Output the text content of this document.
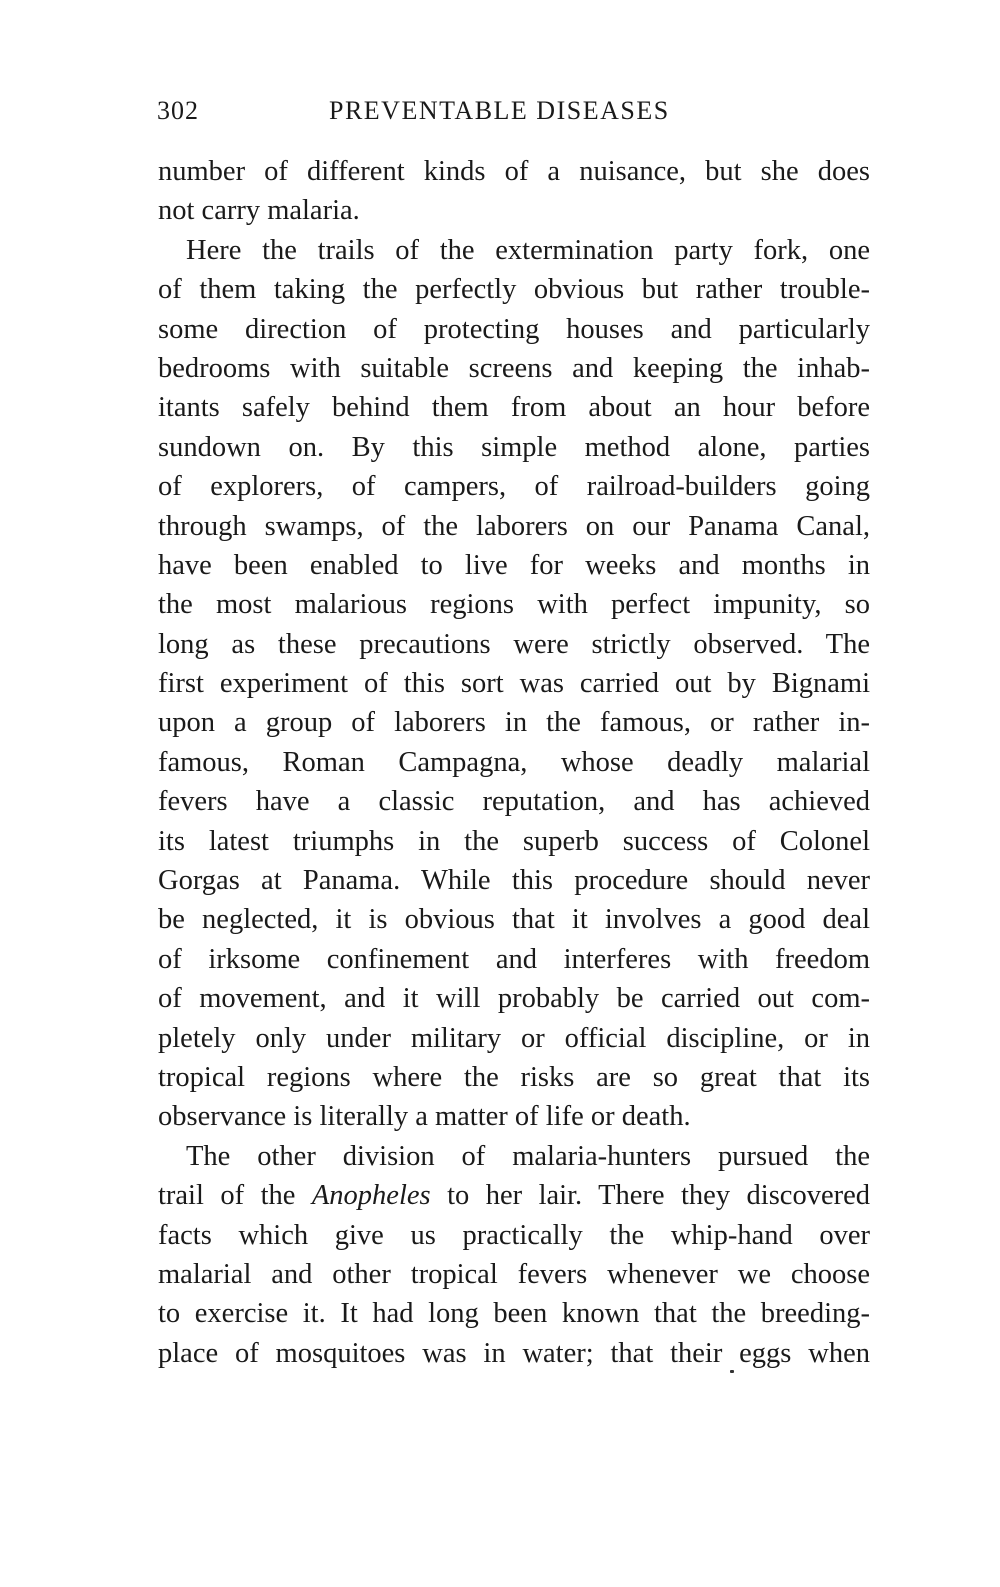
302	PREVENTABLE DISEASES
number of different kinds of a nuisance, but she does
not carry malaria.
Here the trails of the extermination party fork, one
of them taking the perfectly obvious but rather trouble-
some direction of protecting houses and particularly
bedrooms with suitable screens and keeping the inhab-
itants safely behind them from about an hour before
sundown on. By this simple method alone, parties
of explorers, of campers, of railroad-builders going
through swamps, of the laborers on our Panama Canal,
have been enabled to live for weeks and months in
the most malarious regions with perfect impunity, so
long as these precautions were strictly observed. The
first experiment of this sort was carried out by Bignami
upon a group of laborers in the famous, or rather in-
famous, Roman Campagna, whose deadly malarial
fevers have a classic reputation, and has achieved
its latest triumphs in the superb success of Colonel
Gorgas at Panama. While this procedure should never
be neglected, it is obvious that it involves a good deal
of irksome confinement and interferes with freedom
of movement, and it will probably be carried out com-
pletely only under military or official discipline, or in
tropical regions where the risks are so great that its
observance is literally a matter of life or death.
The other division of malaria-hunters pursued the
trail of the Anopheles to her lair. There they discovered
facts which give us practically the whip-hand over
malarial and other tropical fevers whenever we choose
to exercise it. It had long been known that the breeding-
place of mosquitoes was in water; that their eggs when
